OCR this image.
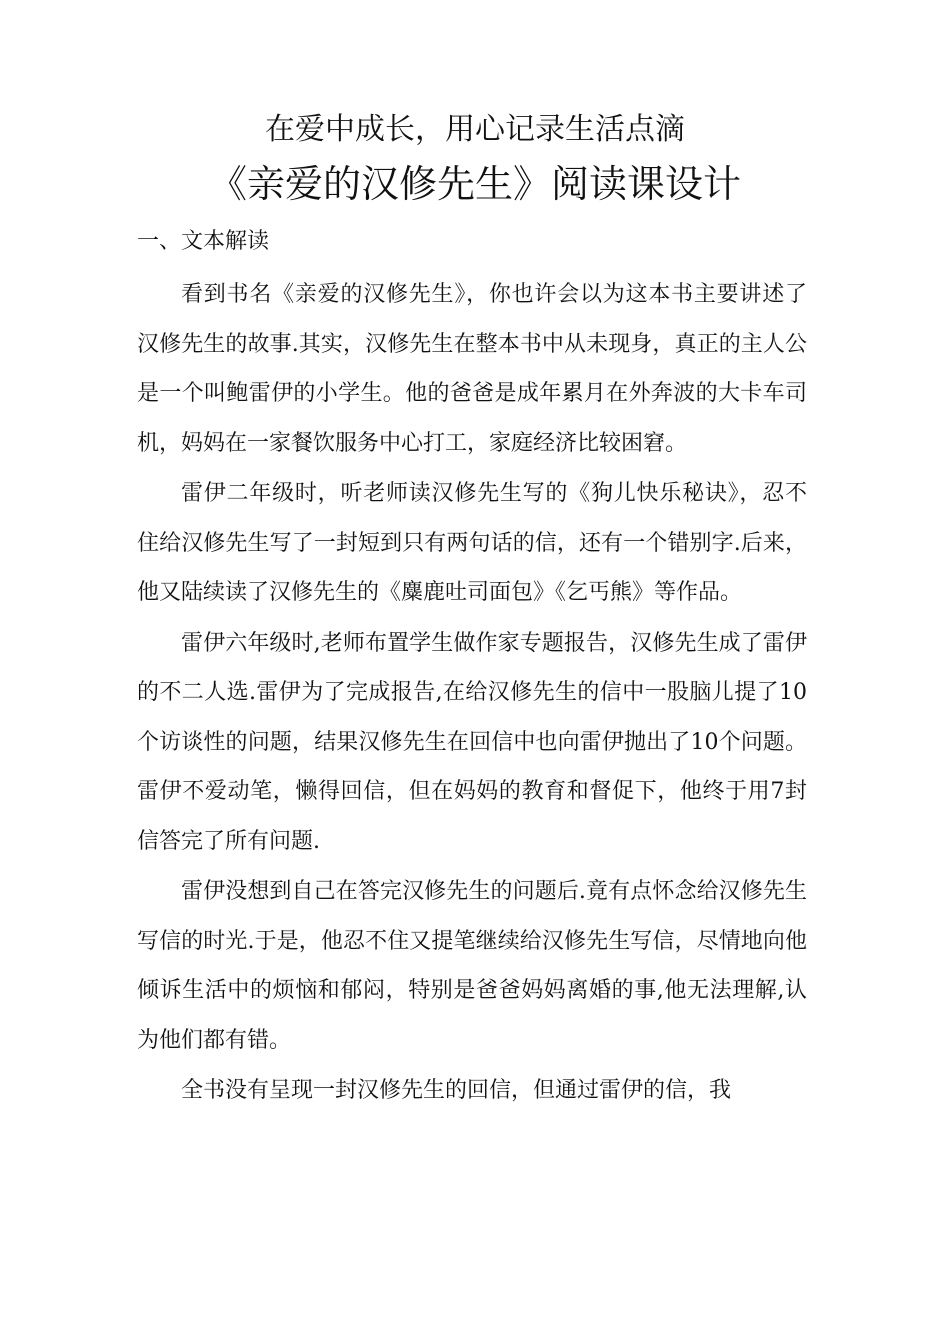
在爱中成长，用心记录生活点滴
《亲爱的汉修先生》阅读课设计
一、文本解读

看到书名《亲爱的汉修先生》，你也许会以为这本书主要讲述了汉修先生的故事.其实，汉修先生在整本书中从未现身，真正的主人公是一个叫鲍雷伊的小学生。他的爸爸是成年累月在外奔波的大卡车司机，妈妈在一家餐饮服务中心打工，家庭经济比较困窘。

雷伊二年级时，听老师读汉修先生写的《狗儿快乐秘诀》，忍不住给汉修先生写了一封短到只有两句话的信，还有一个错别字.后来，他又陆续读了汉修先生的《麋鹿吐司面包》《乞丐熊》等作品。

雷伊六年级时,老师布置学生做作家专题报告，汉修先生成了雷伊的不二人选.雷伊为了完成报告,在给汉修先生的信中一股脑儿提了10个访谈性的问题，结果汉修先生在回信中也向雷伊抛出了10个问题。雷伊不爱动笔，懒得回信，但在妈妈的教育和督促下，他终于用7封信答完了所有问题.

雷伊没想到自己在答完汉修先生的问题后.竟有点怀念给汉修先生写信的时光.于是，他忍不住又提笔继续给汉修先生写信，尽情地向他倾诉生活中的烦恼和郁闷，特别是爸爸妈妈离婚的事,他无法理解,认为他们都有错。

全书没有呈现一封汉修先生的回信，但通过雷伊的信，我
